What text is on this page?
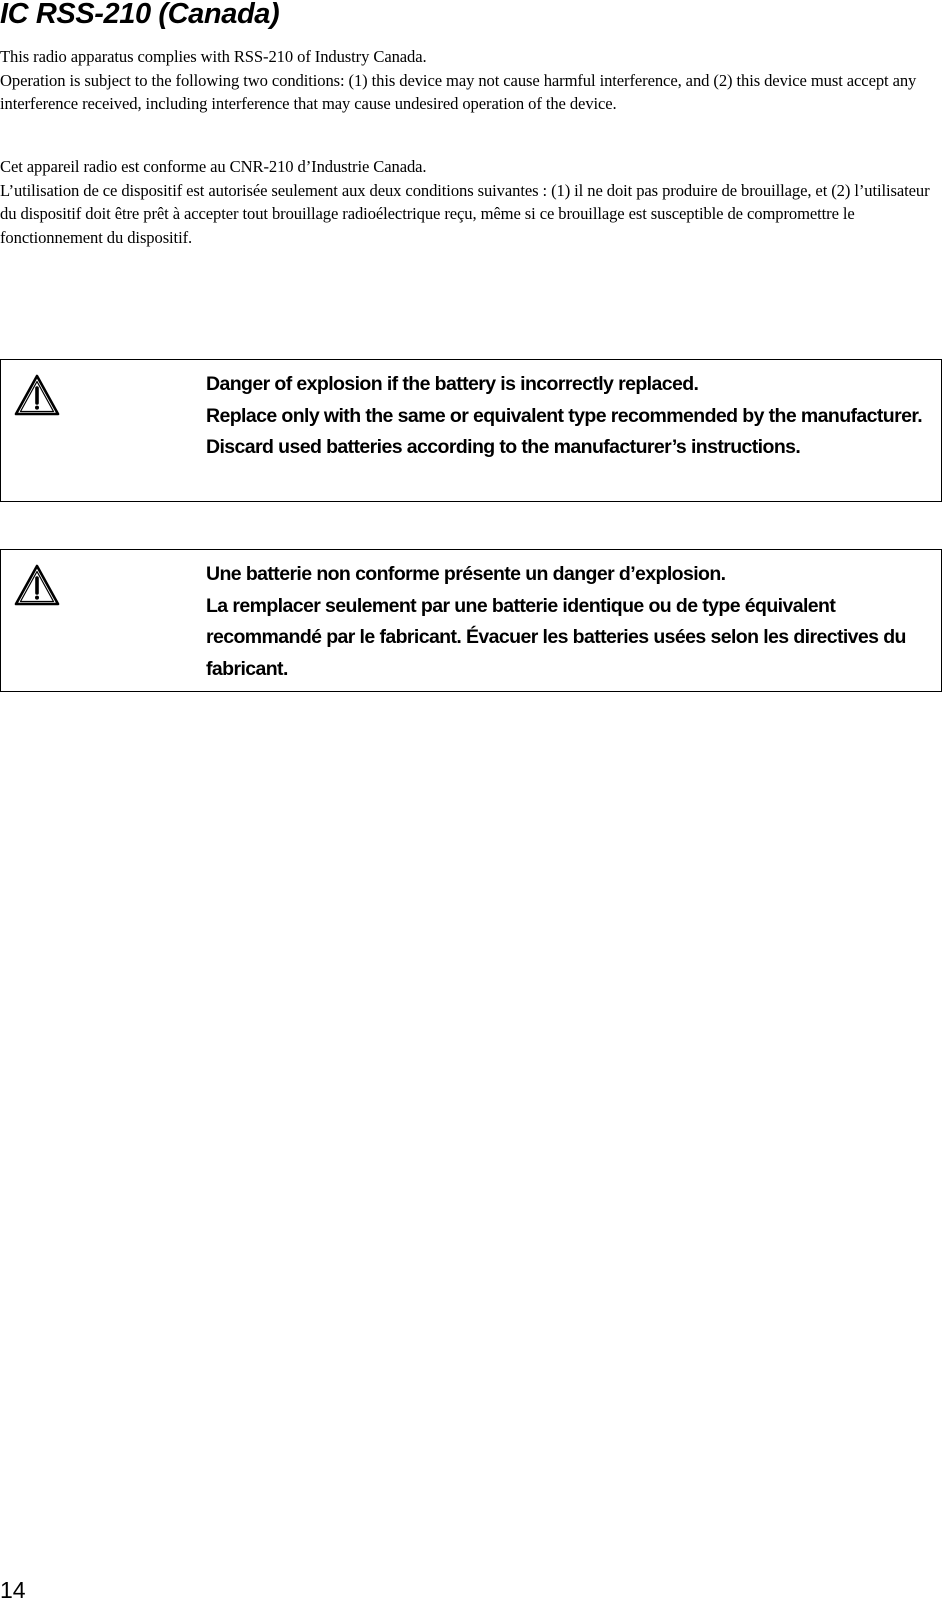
IC RSS-210 (Canada)

This radio apparatus complies with RSS-210 of Industry Canada.
Operation is subject to the following two conditions: (1) this device may not cause harmful interference, and (2) this device must accept any interference received, including interference that may cause undesired operation of the device.

Cet appareil radio est conforme au CNR-210 d’Industrie Canada.
L’utilisation de ce dispositif est autorisée seulement aux deux conditions suivantes : (1) il ne doit pas produire de brouillage, et (2) l’utilisateur du dispositif doit être prêt à accepter tout brouillage radioélectrique reçu, même si ce brouillage est susceptible de compromettre le fonctionnement du dispositif.

Danger of explosion if the battery is incorrectly replaced.
Replace only with the same or equivalent type recommended by the manufacturer. Discard used batteries according to the manufacturer’s instructions.
Une batterie non conforme présente un danger d’explosion.
La remplacer seulement par une batterie identique ou de type équivalent recommandé par le fabricant. Évacuer les batteries usées selon les directives du fabricant.
14
